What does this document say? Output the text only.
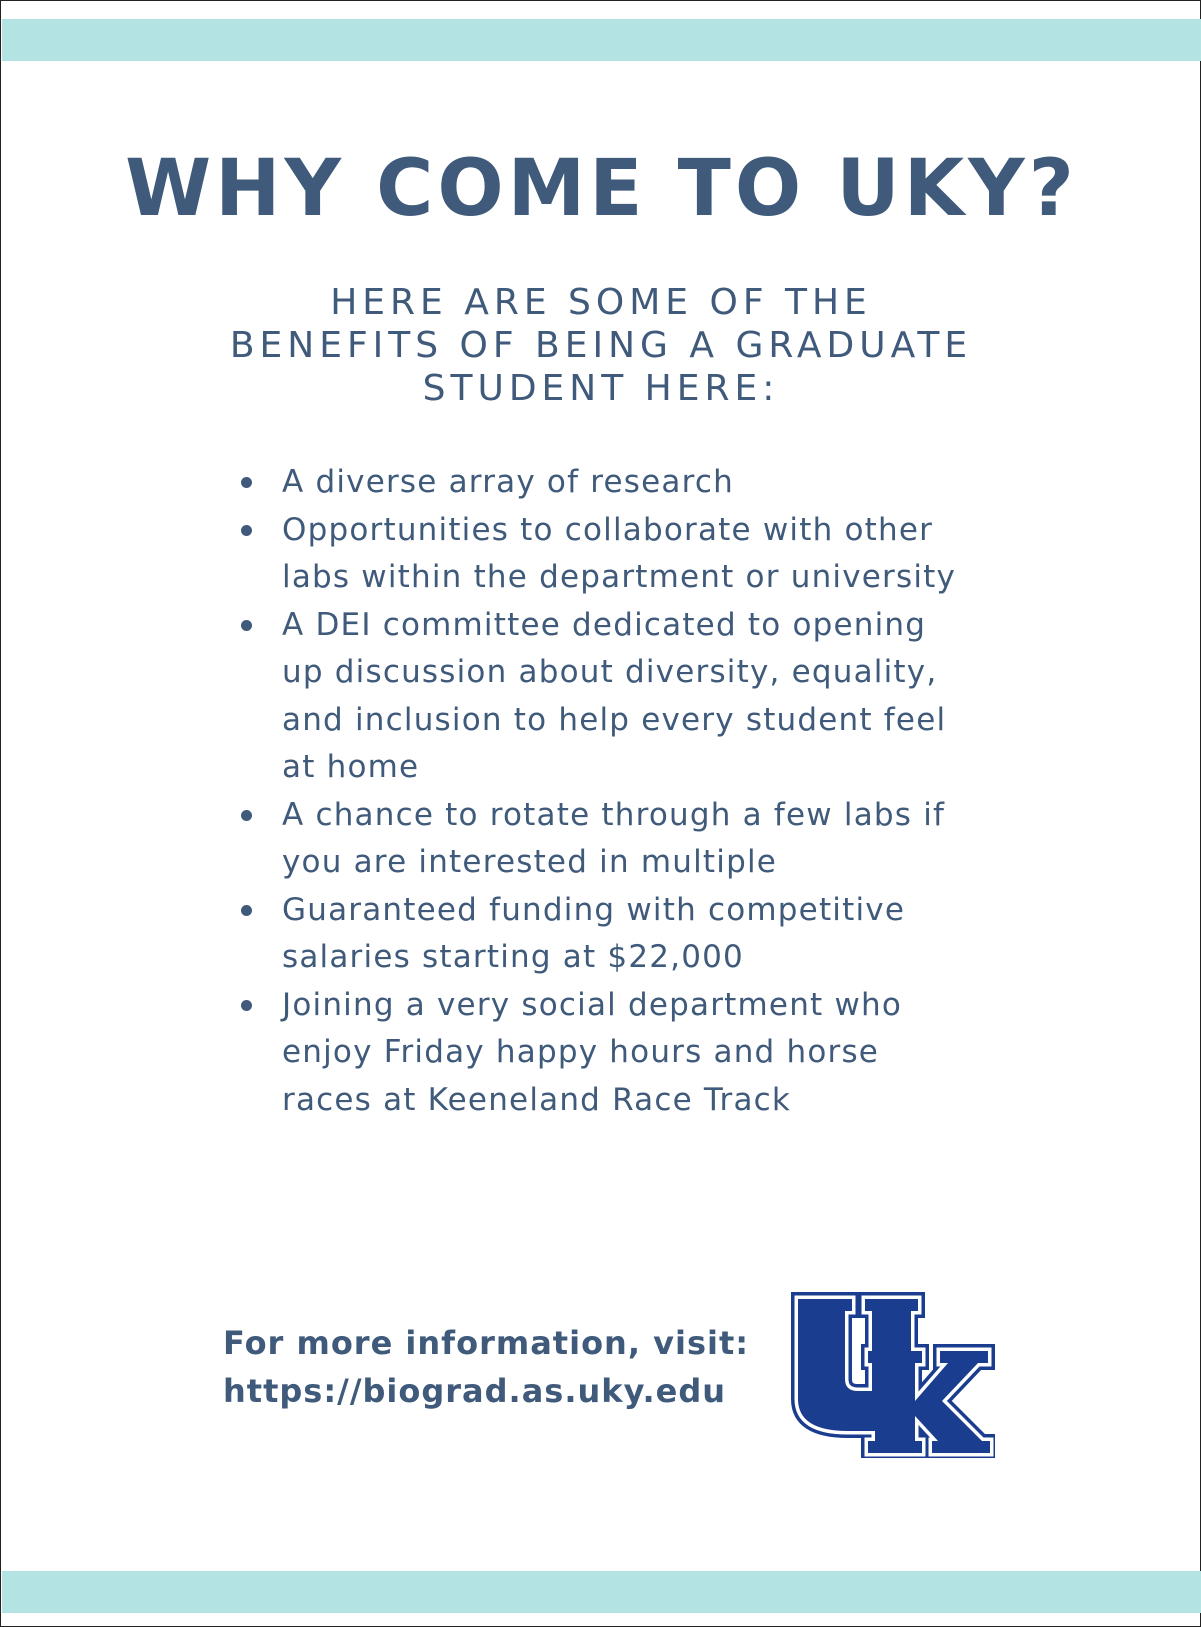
WHY COME TO UKY?
HERE ARE SOME OF THE
BENEFITS OF BEING A GRADUATE
STUDENT HERE:
A diverse array of research
Opportunities to collaborate with other
labs within the department or university
A DEI committee dedicated to opening
up discussion about diversity, equality,
and inclusion to help every student feel
at home
A chance to rotate through a few labs if
you are interested in multiple
Guaranteed funding with competitive
salaries starting at $22,000
Joining a very social department who
enjoy Friday happy hours and horse
races at Keeneland Race Track
For more information, visit:
https://biograd.as.uky.edu
